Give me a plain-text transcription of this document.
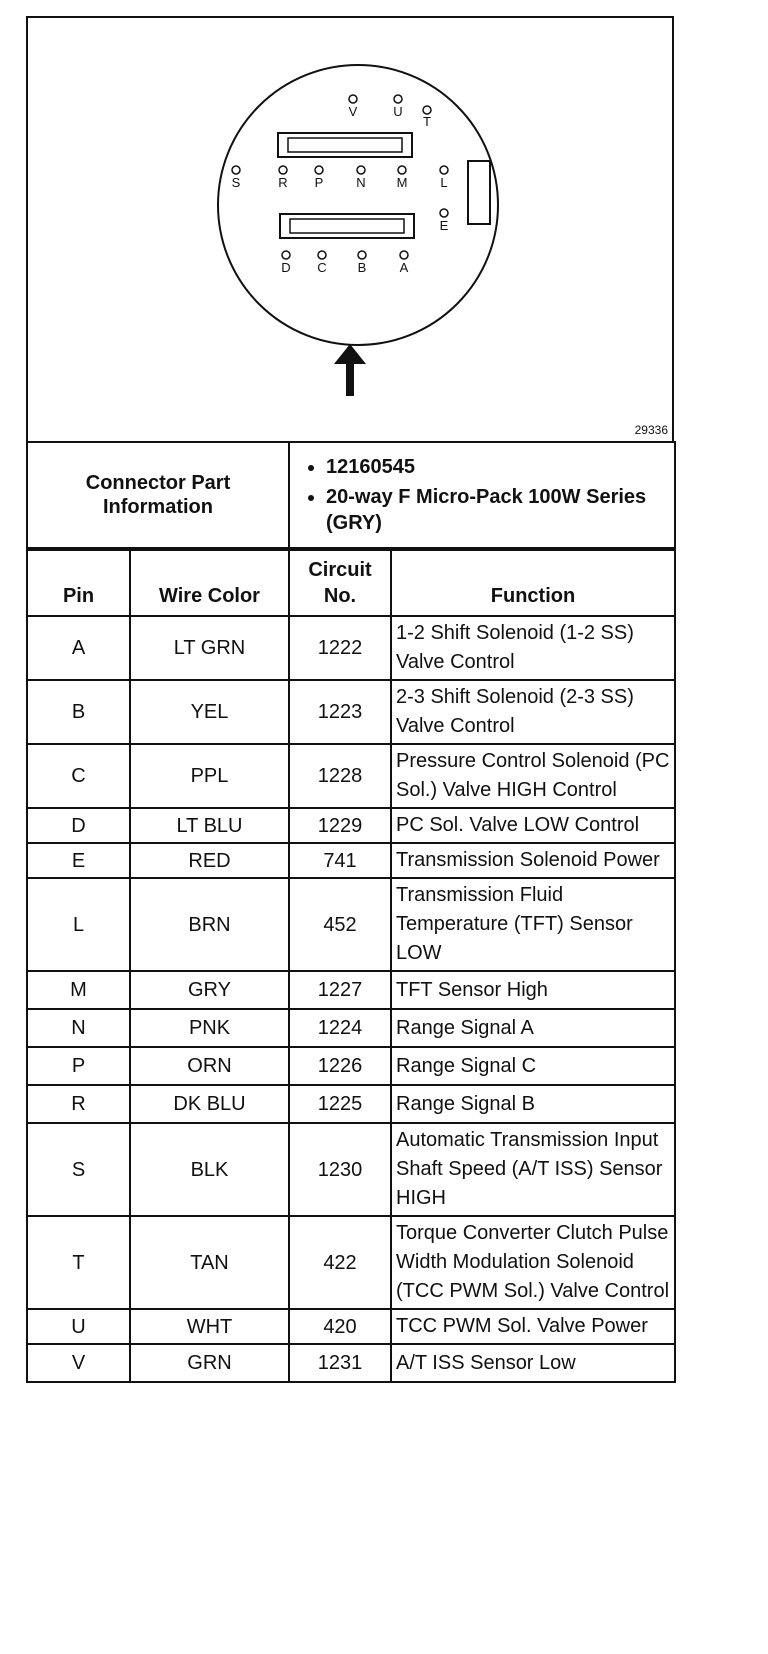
V	U
T
S	R P	N M	L
E
D C B	A
29336
Connector Part Information	
• 12160545
• 20-way F Micro-Pack 100W Series (GRY)
Pin	Wire Color	Circuit No.	Function
A	LT GRN	1222	1-2 Shift Solenoid (1-2 SS) Valve Control
B	YEL	1223	2-3 Shift Solenoid (2-3 SS) Valve Control
C	PPL	1228	Pressure Control Solenoid (PC Sol.) Valve HIGH Control
D	LT BLU	1229	PC Sol. Valve LOW Control
E	RED	741	Transmission Solenoid Power
L	BRN	452	Transmission Fluid Temperature (TFT) Sensor LOW
M	GRY	1227	TFT Sensor High
N	PNK	1224	Range Signal A
P	ORN	1226	Range Signal C
R	DK BLU	1225	Range Signal B
S	BLK	1230	Automatic Transmission Input Shaft Speed (A/T ISS) Sensor HIGH
T	TAN	422	Torque Converter Clutch Pulse Width Modulation Solenoid (TCC PWM Sol.) Valve Control
U	WHT	420	TCC PWM Sol. Valve Power
V	GRN	1231	A/T ISS Sensor Low
